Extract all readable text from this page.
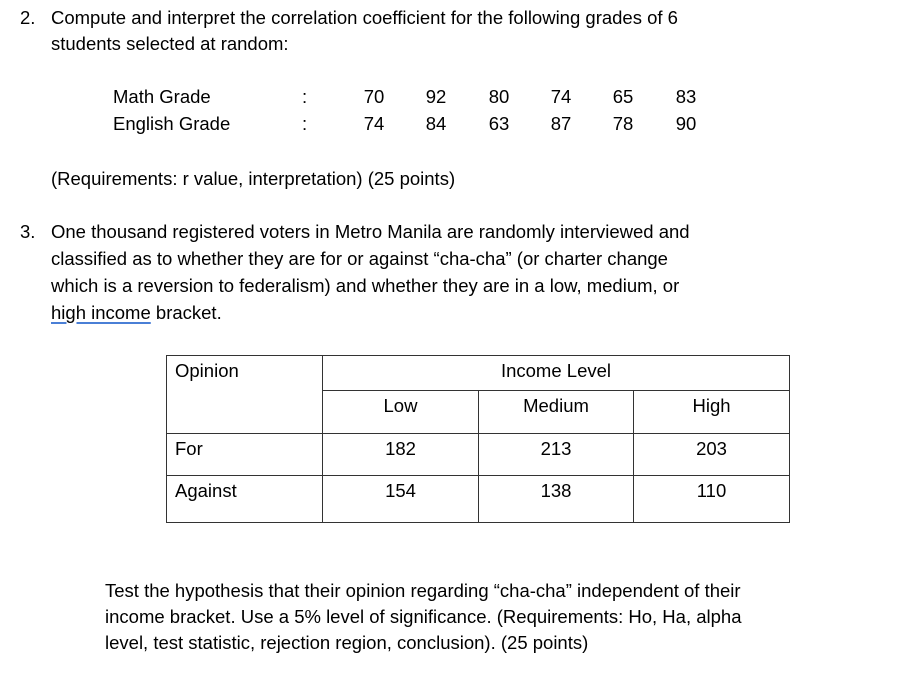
2. Compute and interpret the correlation coefficient for the following grades of 6
students selected at random:
Math Grade	:	70	92	80	74	65	83
English Grade	:	74	84	63	87	78	90
(Requirements: r value, interpretation) (25 points)
3. One thousand registered voters in Metro Manila are randomly interviewed and
classified as to whether they are for or against “cha-cha” (or charter change
which is a reversion to federalism) and whether they are in a low, medium, or
high income bracket.
Opinion	Income Level		

	Low	Medium	High

For	182	213	203

Against	154	138	110
Test the hypothesis that their opinion regarding “cha-cha” independent of their
income bracket. Use a 5% level of significance. (Requirements: Ho, Ha, alpha
level, test statistic, rejection region, conclusion). (25 points)
